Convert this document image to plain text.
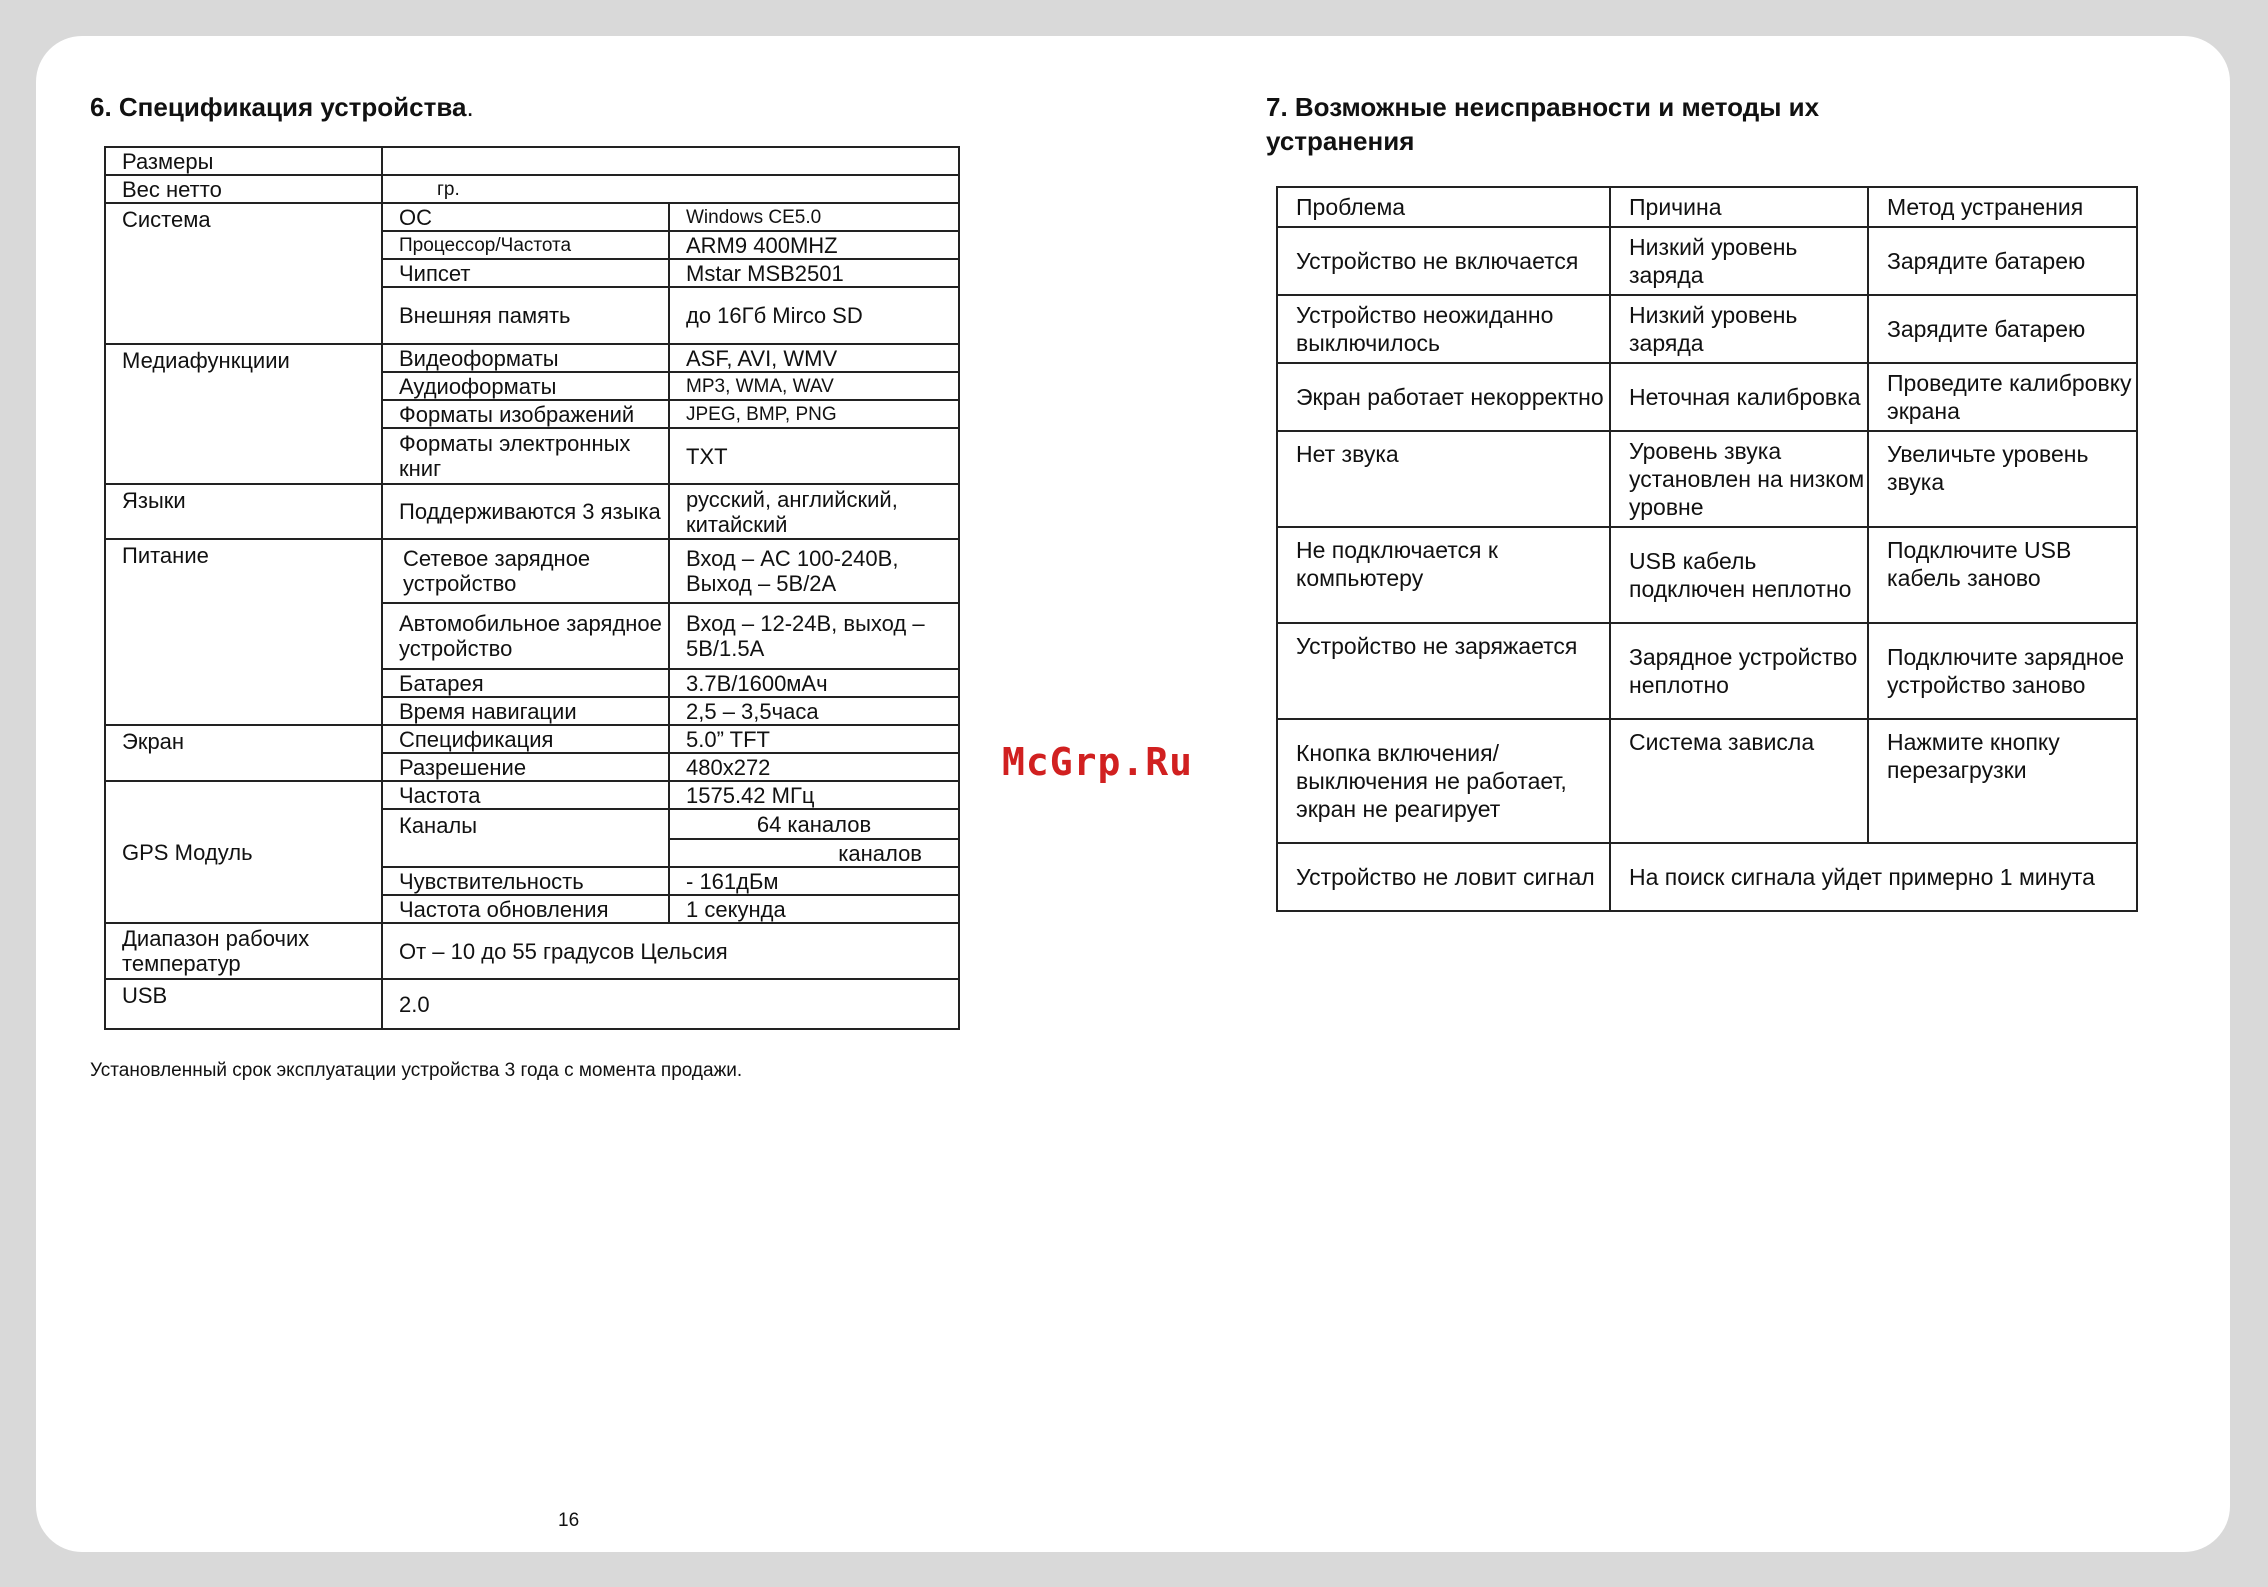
6. Спецификация устройства.
Размеры		
Вес нетто	гр.	
Система	ОС	Windows CE5.0
	Процессор/Частота	ARM9 400MHZ
	Чипсет	Mstar MSB2501
	Внешняя память	до 16Гб Mirco SD
Медиафункциии	Видеоформаты	ASF, AVI, WMV
	Аудиоформаты	MP3, WMA, WAV
	Форматы изображений	JPEG, BMP, PNG
	Форматы электронных книг	TXT
Языки	Поддерживаются 3 языка	русский, английский, китайский
Питание	Сетевое зарядное устройство	Вход – AC 100-240В, Выход – 5В/2А
	Автомобильное зарядное устройство	Вход – 12-24В, выход – 5В/1.5А
	Батарея	3.7В/1600мАч
	Время навигации	2,5 – 3,5часа
Экран	Спецификация	5.0” TFT
	Разрешение	480x272
GPS Модуль	Частота	1575.42 МГц
	Каналы	64 каналов
		каналов
	Чувствительность	- 161дБм
	Частота обновления	1 секунда
Диапазон рабочих температур	От – 10 до 55 градусов Цельсия	
USB	2.0	
Установленный срок эксплуатации устройства 3 года с момента продажи.
7. Возможные неисправности и методы их устранения
Проблема	Причина	Метод устранения
Устройство не включается	Низкий уровень заряда	Зарядите батарею
Устройство неожиданно выключилось	Низкий уровень заряда	Зарядите батарею
Экран работает некорректно	Неточная калибровка	Проведите калибровку экрана
Нет звука	Уровень звука установлен на низком уровне	Увеличьте уровень звука
Не подключается к компьютеру	USB кабель подключен неплотно	Подключите USB кабель заново
Устройство не заряжается	Зарядное устройство неплотно	Подключите зарядное устройство заново
Кнопка включения/выключения не работает, экран не реагирует	Система зависла	Нажмите кнопку перезагрузки
Устройство не ловит сигнал	На поиск сигнала уйдет примерно 1 минута	
16
McGrp.Ru
